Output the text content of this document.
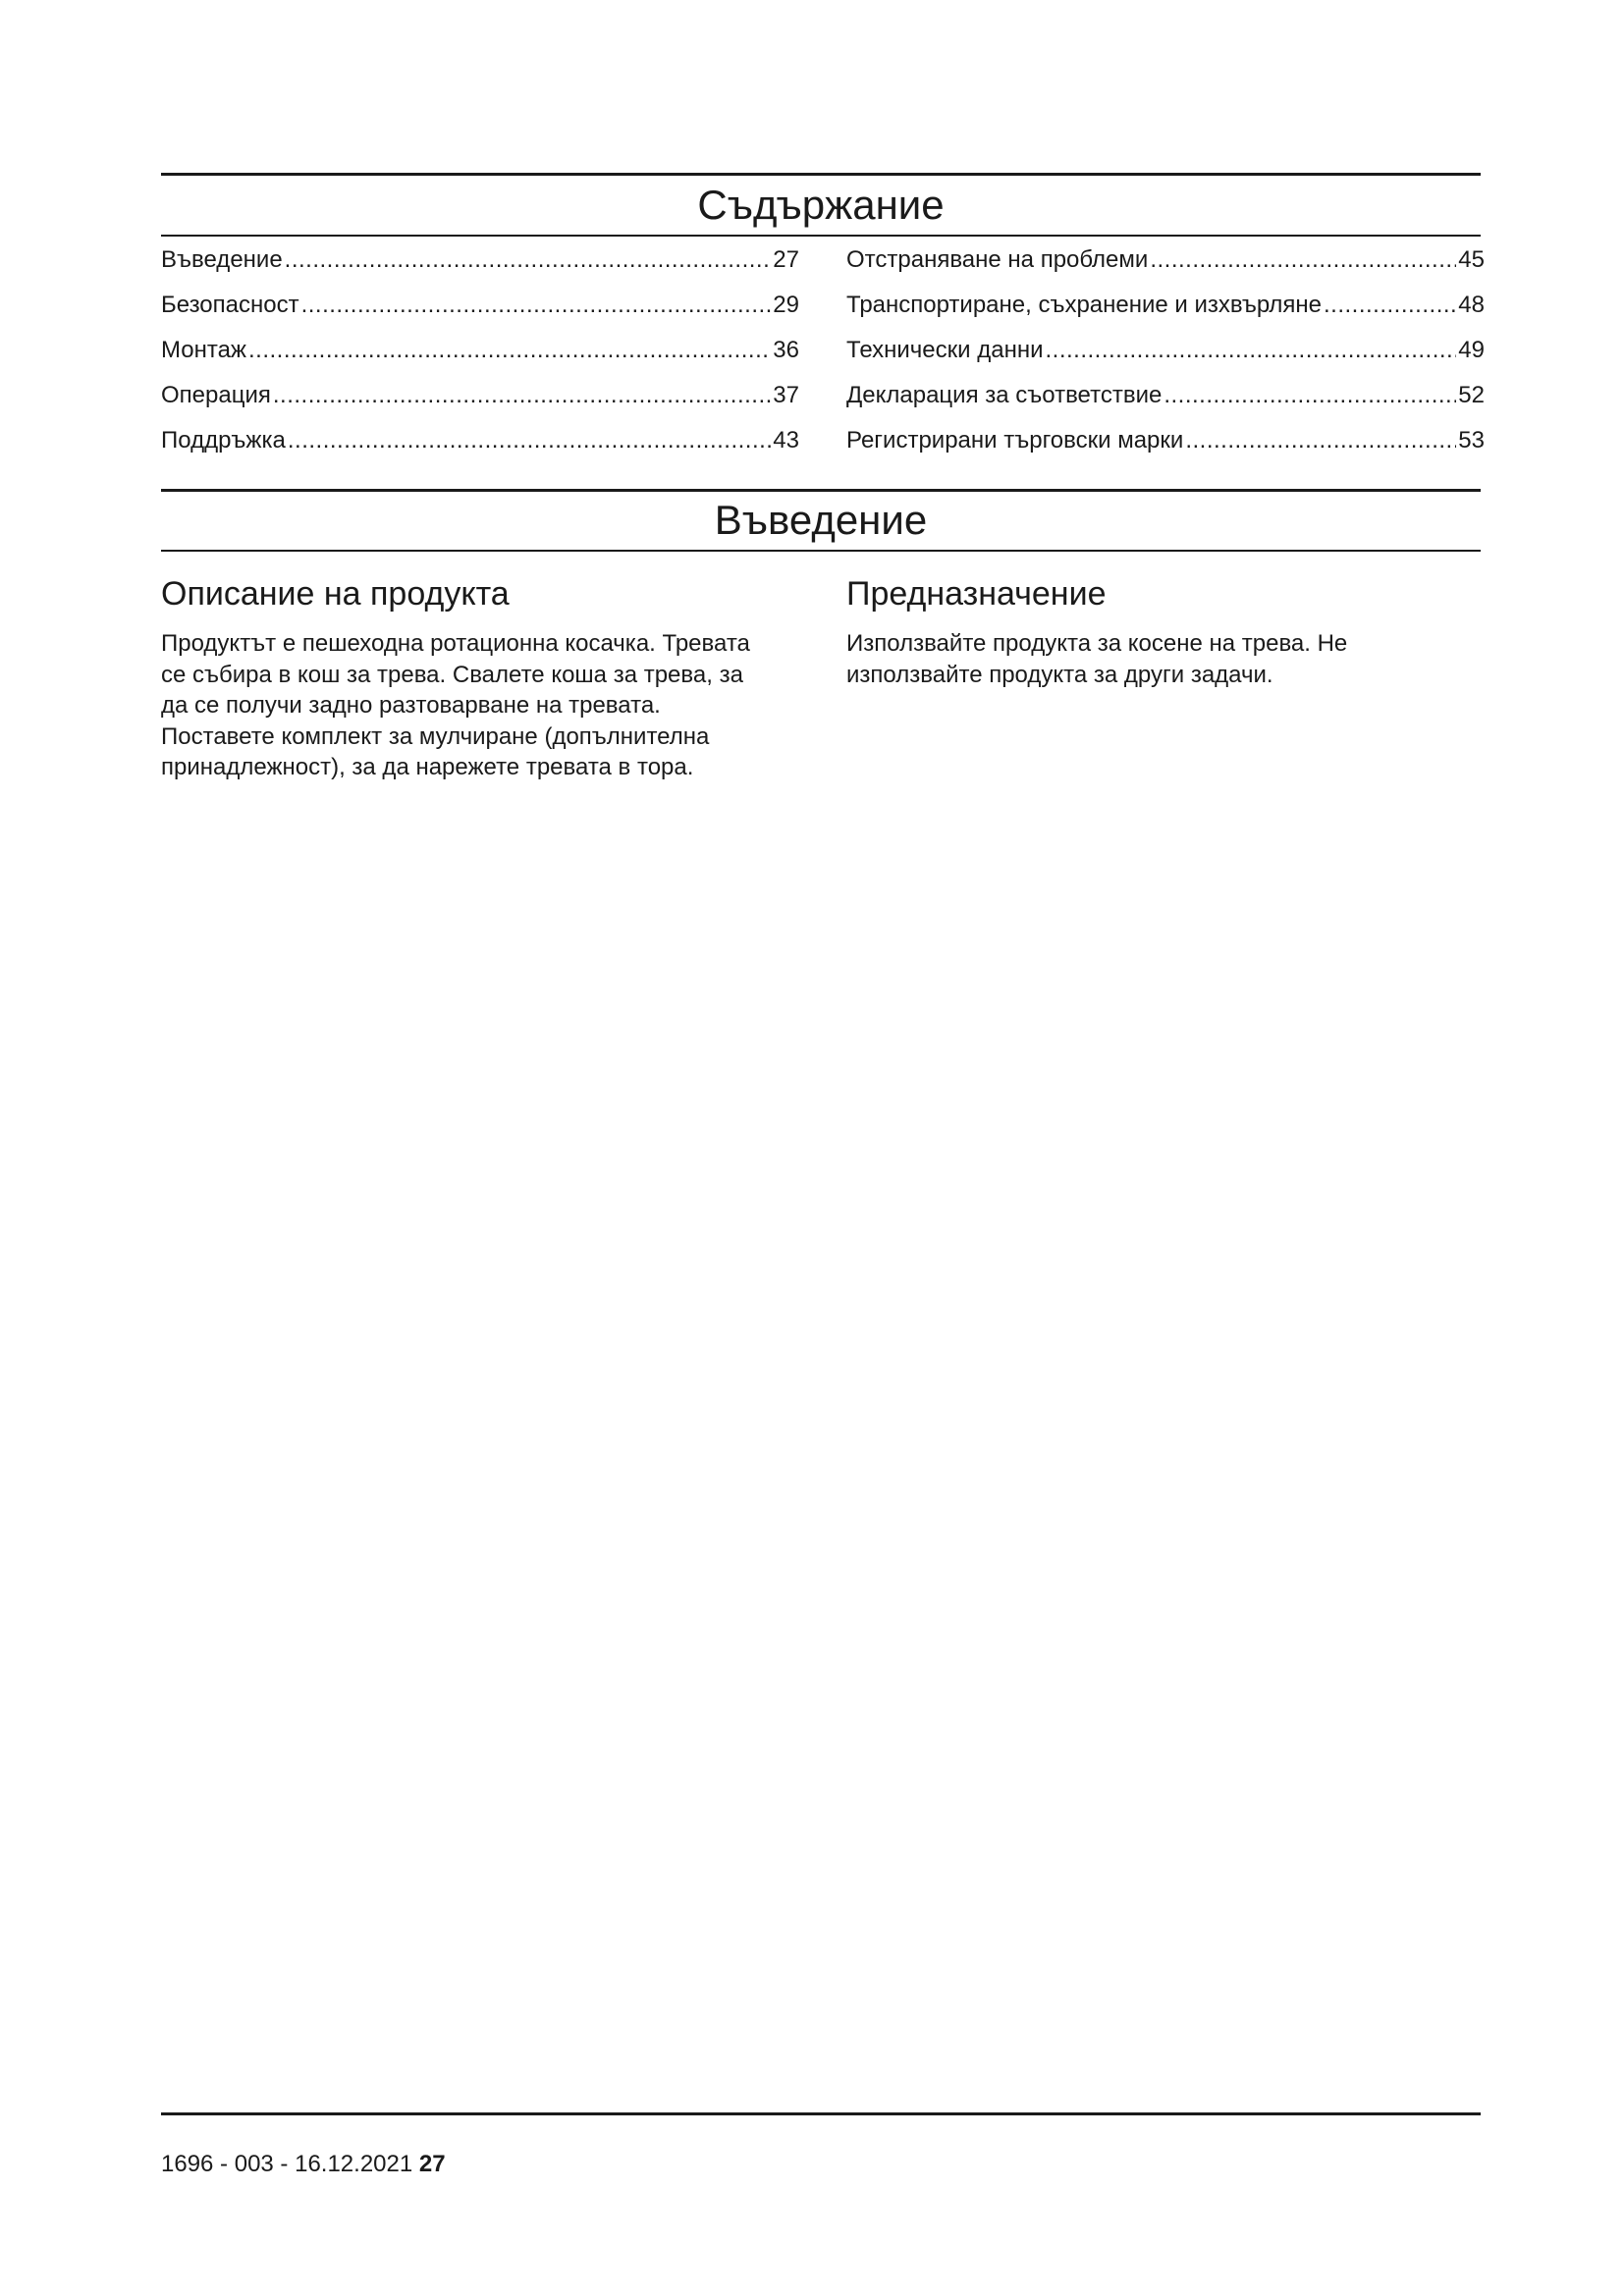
Съдържание
Въведение .....	27
Безопасност .....	29
Монтаж .....	36
Операция .....	37
Поддръжка .....	43
Отстраняване на проблеми .....	45
Транспортиране, съхранение и изхвърляне .....	48
Технически данни .....	49
Декларация за съответствие .....	52
Регистрирани търговски марки .....	53
Въведение
Описание на продукта

Продуктът е пешеходна ротационна косачка. Тревата се събира в кош за трева. Свалете коша за трева, за да се получи задно разтоварване на тревата. Поставете комплект за мулчиране (допълнителна принадлежност), за да нарежете тревата в тора.

Предназначение

Използвайте продукта за косене на трева. Не използвайте продукта за други задачи.

1696 - 003 - 16.12.2021 27
